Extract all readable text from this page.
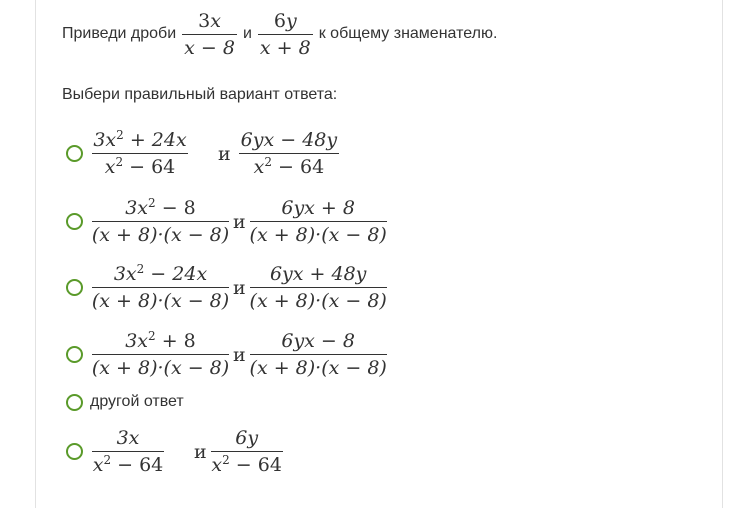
Приведи дроби $\frac{3x}{x - 8}$ и $\frac{6y}{x + 8}$ к общему знаменателю.
Выбери правильный вариант ответа:
$\frac{3x^2 + 24x}{x^2 - 64}$ и $\frac{6yx - 48y}{x^2 - 64}$
$\frac{3x^2 - 8}{(x + 8)\cdot(x - 8)}$ и $\frac{6yx + 8}{(x + 8)\cdot(x - 8)}$
$\frac{3x^2 - 24x}{(x + 8)\cdot(x - 8)}$ и $\frac{6yx + 48y}{(x + 8)\cdot(x - 8)}$
$\frac{3x^2 + 8}{(x + 8)\cdot(x - 8)}$ и $\frac{6yx - 8}{(x + 8)\cdot(x - 8)}$
другой ответ
$\frac{3x}{x^2 - 64}$ и $\frac{6y}{x^2 - 64}$
